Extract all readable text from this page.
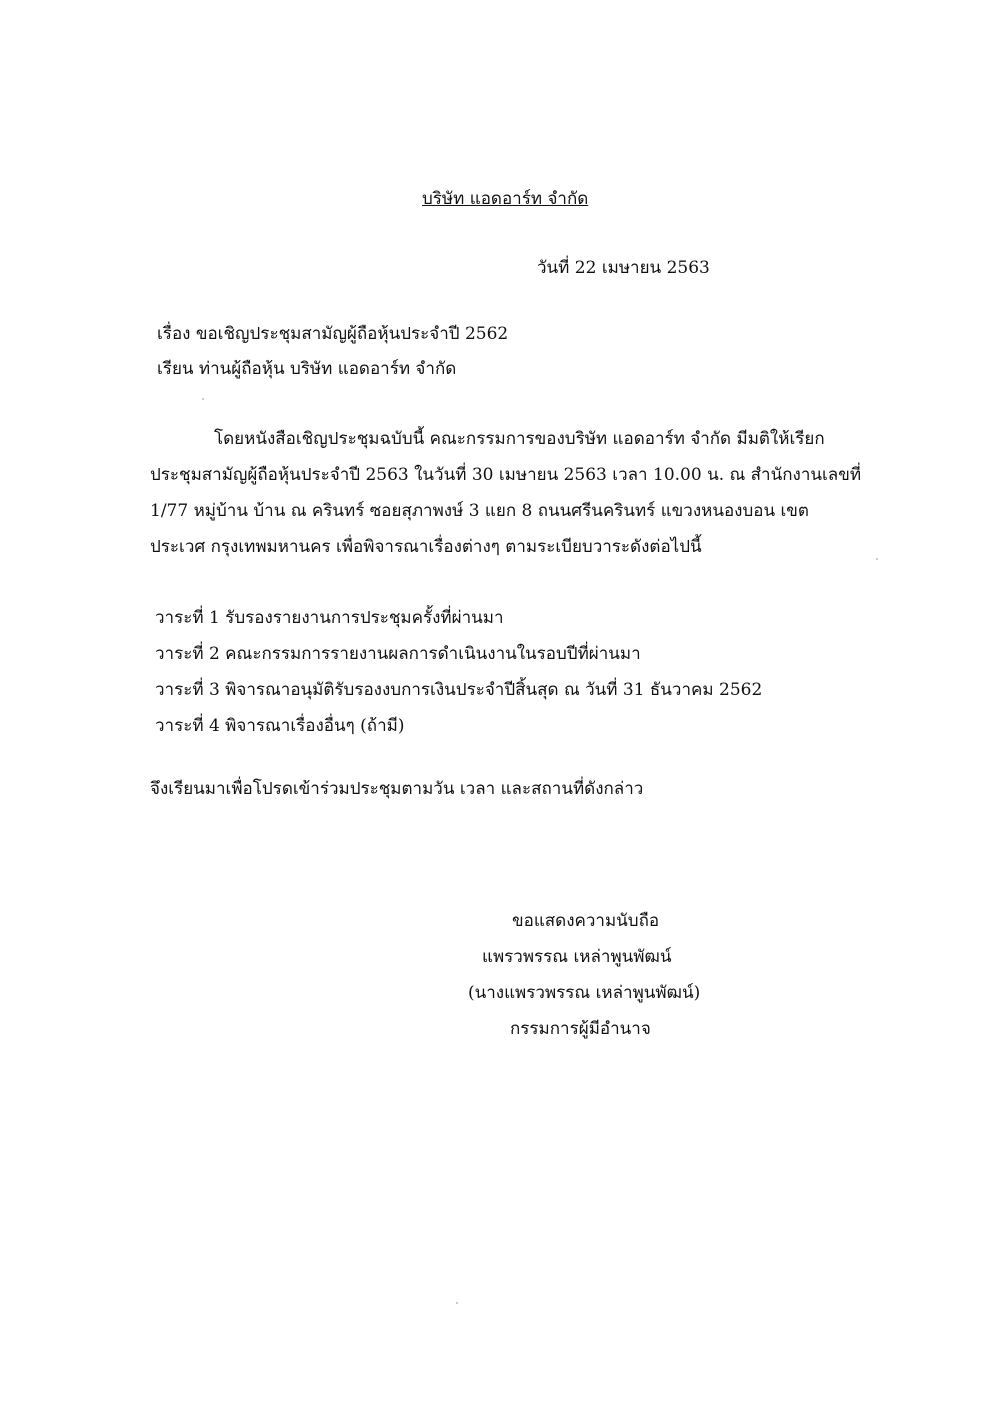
บริษัท แอดอาร์ท จำกัด
วันที่ 22 เมษายน 2563
เรื่อง ขอเชิญประชุมสามัญผู้ถือหุ้นประจำปี 2562
เรียน ท่านผู้ถือหุ้น บริษัท แอดอาร์ท จำกัด
โดยหนังสือเชิญประชุมฉบับนี้ คณะกรรมการของบริษัท แอดอาร์ท จำกัด มีมติให้เรียก
ประชุมสามัญผู้ถือหุ้นประจำปี 2563 ในวันที่ 30 เมษายน 2563 เวลา 10.00 น. ณ สำนักงานเลขที่
1/77 หมู่บ้าน บ้าน ณ ครินทร์ ซอยสุภาพงษ์ 3 แยก 8 ถนนศรีนครินทร์ แขวงหนองบอน เขต
ประเวศ กรุงเทพมหานคร เพื่อพิจารณาเรื่องต่างๆ ตามระเบียบวาระดังต่อไปนี้
วาระที่ 1 รับรองรายงานการประชุมครั้งที่ผ่านมา
วาระที่ 2 คณะกรรมการรายงานผลการดำเนินงานในรอบปีที่ผ่านมา
วาระที่ 3 พิจารณาอนุมัติรับรองงบการเงินประจำปีสิ้นสุด ณ วันที่ 31 ธันวาคม 2562
วาระที่ 4 พิจารณาเรื่องอื่นๆ (ถ้ามี)
จึงเรียนมาเพื่อโปรดเข้าร่วมประชุมตามวัน เวลา และสถานที่ดังกล่าว
ขอแสดงความนับถือ
แพรวพรรณ เหล่าพูนพัฒน์
(นางแพรวพรรณ เหล่าพูนพัฒน์)
กรรมการผู้มีอำนาจ
